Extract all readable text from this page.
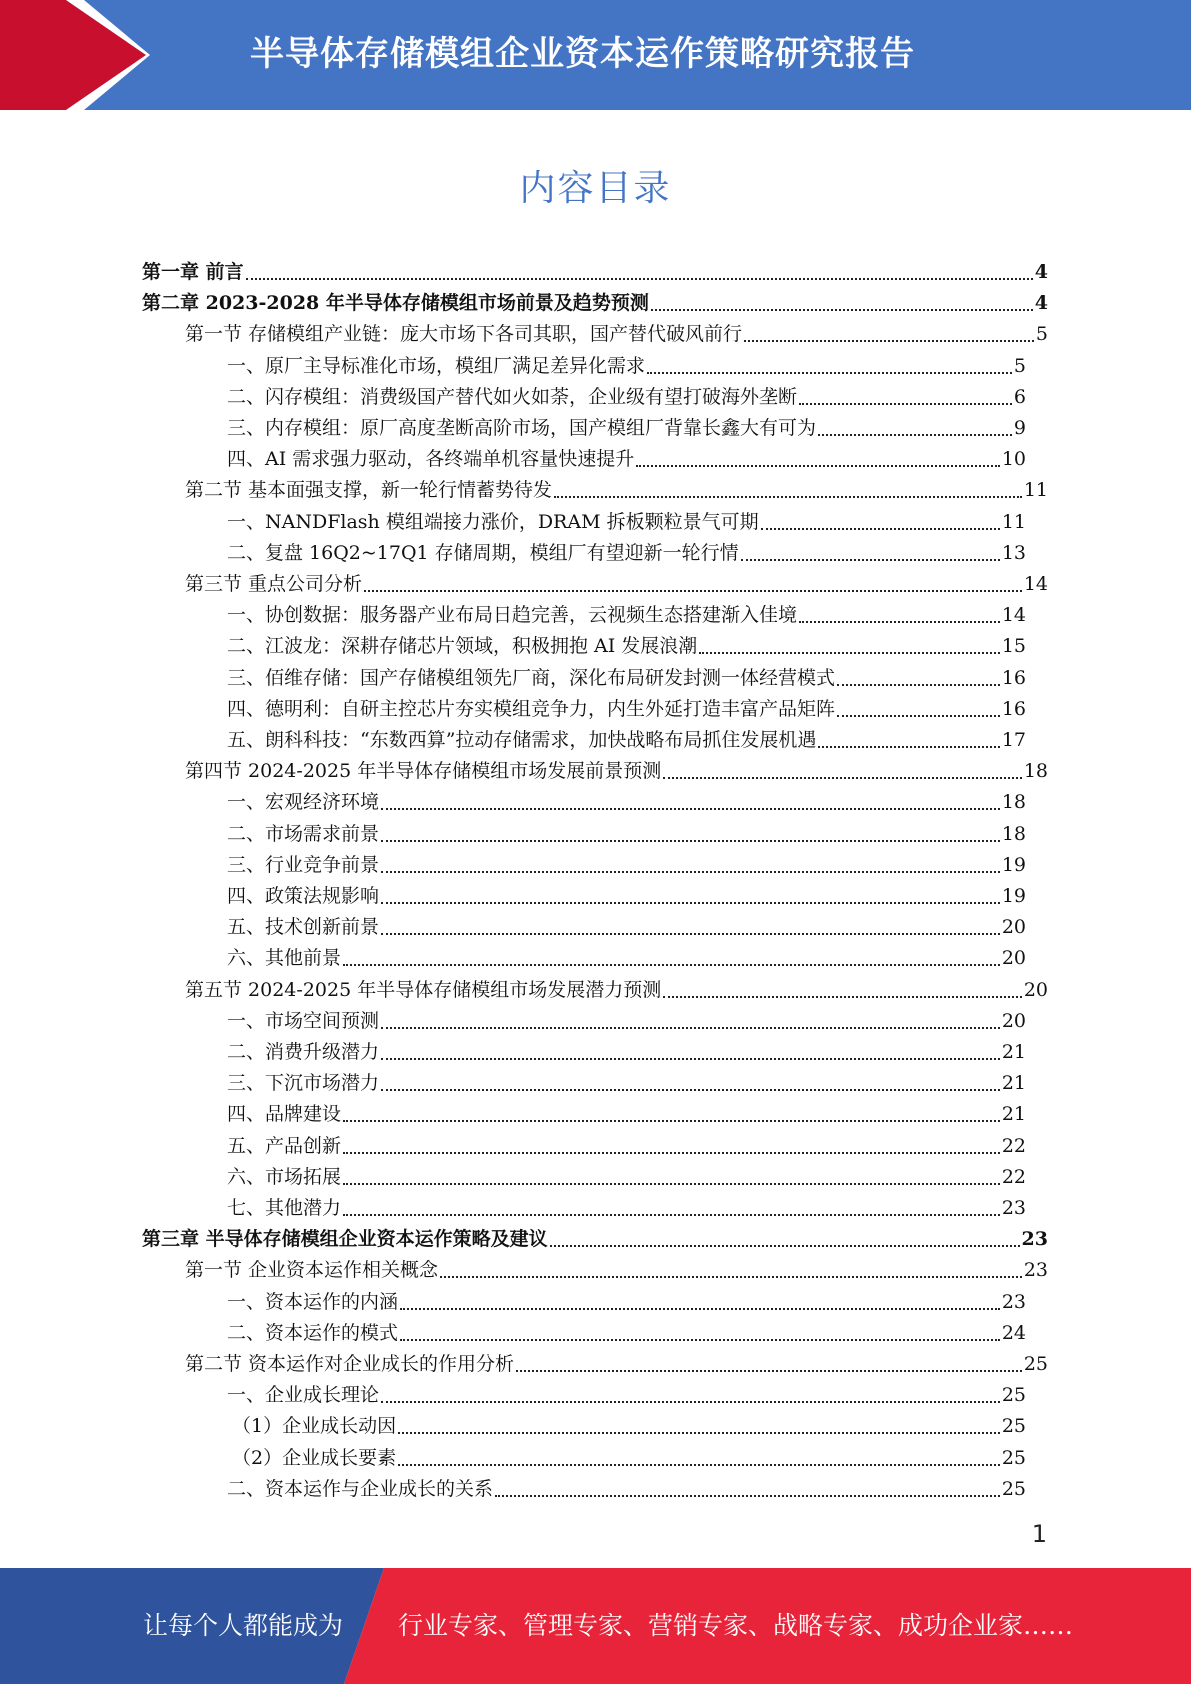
半导体存储模组企业资本运作策略研究报告
内容目录
第一章 前言	4
第二章 2023-2028 年半导体存储模组市场前景及趋势预测	4
第一节 存储模组产业链：庞大市场下各司其职，国产替代破风前行	5
一、原厂主导标准化市场，模组厂满足差异化需求	5
二、闪存模组：消费级国产替代如火如荼，企业级有望打破海外垄断	6
三、内存模组：原厂高度垄断高阶市场，国产模组厂背靠长鑫大有可为	9
四、AI 需求强力驱动，各终端单机容量快速提升	10
第二节 基本面强支撑，新一轮行情蓄势待发	11
一、NANDFlash 模组端接力涨价，DRAM 拆板颗粒景气可期	11
二、复盘 16Q2~17Q1 存储周期，模组厂有望迎新一轮行情	13
第三节 重点公司分析	14
一、协创数据：服务器产业布局日趋完善，云视频生态搭建渐入佳境	14
二、江波龙：深耕存储芯片领域，积极拥抱 AI 发展浪潮	15
三、佰维存储：国产存储模组领先厂商，深化布局研发封测一体经营模式	16
四、德明利：自研主控芯片夯实模组竞争力，内生外延打造丰富产品矩阵	16
五、朗科科技：“东数西算”拉动存储需求，加快战略布局抓住发展机遇	17
第四节 2024-2025 年半导体存储模组市场发展前景预测	18
一、宏观经济环境	18
二、市场需求前景	18
三、行业竞争前景	19
四、政策法规影响	19
五、技术创新前景	20
六、其他前景	20
第五节 2024-2025 年半导体存储模组市场发展潜力预测	20
一、市场空间预测	20
二、消费升级潜力	21
三、下沉市场潜力	21
四、品牌建设	21
五、产品创新	22
六、市场拓展	22
七、其他潜力	23
第三章 半导体存储模组企业资本运作策略及建议	23
第一节 企业资本运作相关概念	23
一、资本运作的内涵	23
二、资本运作的模式	24
第二节 资本运作对企业成长的作用分析	25
一、企业成长理论	25
（1）企业成长动因	25
（2）企业成长要素	25
二、资本运作与企业成长的关系	25
1
让每个人都能成为 行业专家、管理专家、营销专家、战略专家、成功企业家……
